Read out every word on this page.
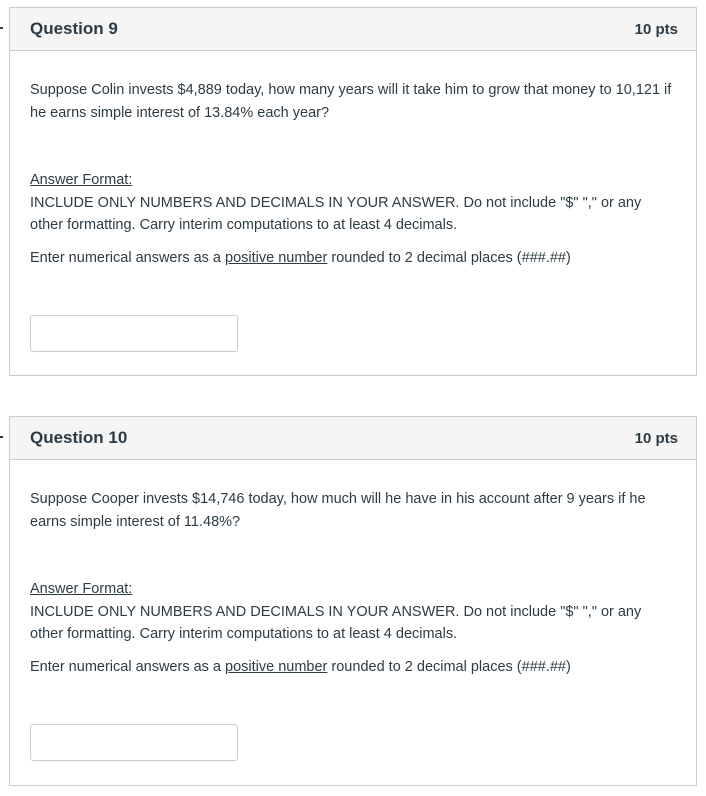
Question 9	10 pts

Suppose Colin invests $4,889 today, how many years will it take him to grow that money to 10,121 if he earns simple interest of 13.84% each year?

Answer Format:

INCLUDE ONLY NUMBERS AND DECIMALS IN YOUR ANSWER. Do not include "$" "," or any other formatting. Carry interim computations to at least 4 decimals.

Enter numerical answers as a positive number rounded to 2 decimal places (###.##)

Question 10	10 pts

Suppose Cooper invests $14,746 today, how much will he have in his account after 9 years if he earns simple interest of 11.48%?

Answer Format:

INCLUDE ONLY NUMBERS AND DECIMALS IN YOUR ANSWER. Do not include "$" "," or any other formatting. Carry interim computations to at least 4 decimals.

Enter numerical answers as a positive number rounded to 2 decimal places (###.##)
